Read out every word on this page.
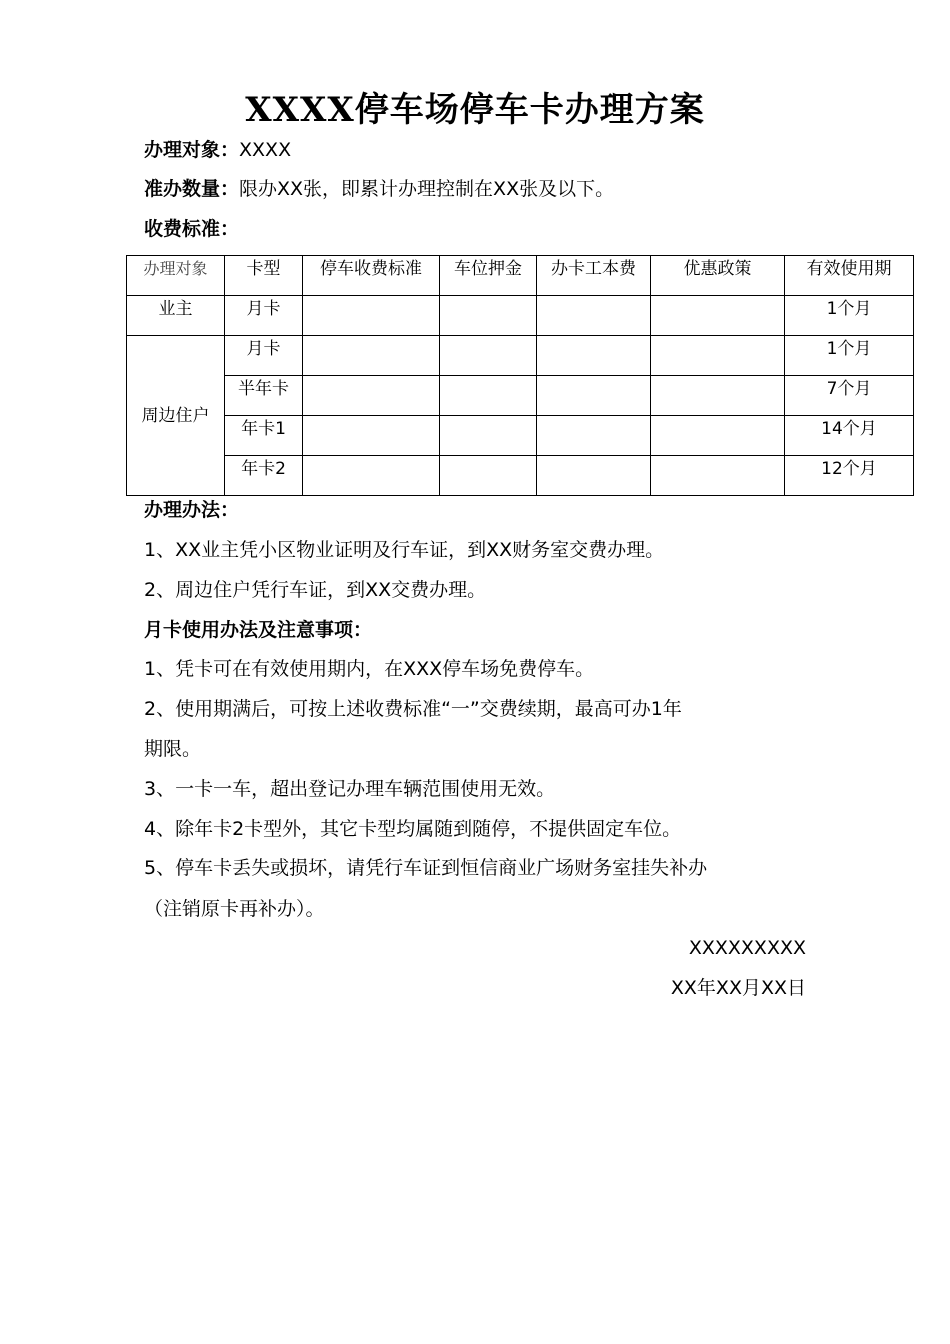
XXXX停车场停车卡办理方案
办理对象：XXXX
准办数量：限办XX张，即累计办理控制在XX张及以下。
收费标准：
办理对象	卡型	停车收费标准	车位押金	办卡工本费	优惠政策	有效使用期
业主	月卡					1个月
周边住户	月卡					1个月
	半年卡					7个月
	年卡1					14个月
	年卡2					12个月
办理办法：
1、XX业主凭小区物业证明及行车证，到XX财务室交费办理。
2、周边住户凭行车证，到XX交费办理。
月卡使用办法及注意事项：
1、凭卡可在有效使用期内，在XXX停车场免费停车。
2、使用期满后，可按上述收费标准“一”交费续期，最高可办1年
期限。
3、一卡一车，超出登记办理车辆范围使用无效。
4、除年卡2卡型外，其它卡型均属随到随停，不提供固定车位。
5、停车卡丢失或损坏，请凭行车证到恒信商业广场财务室挂失补办
（注销原卡再补办）。
XXXXXXXXX
XX年XX月XX日
